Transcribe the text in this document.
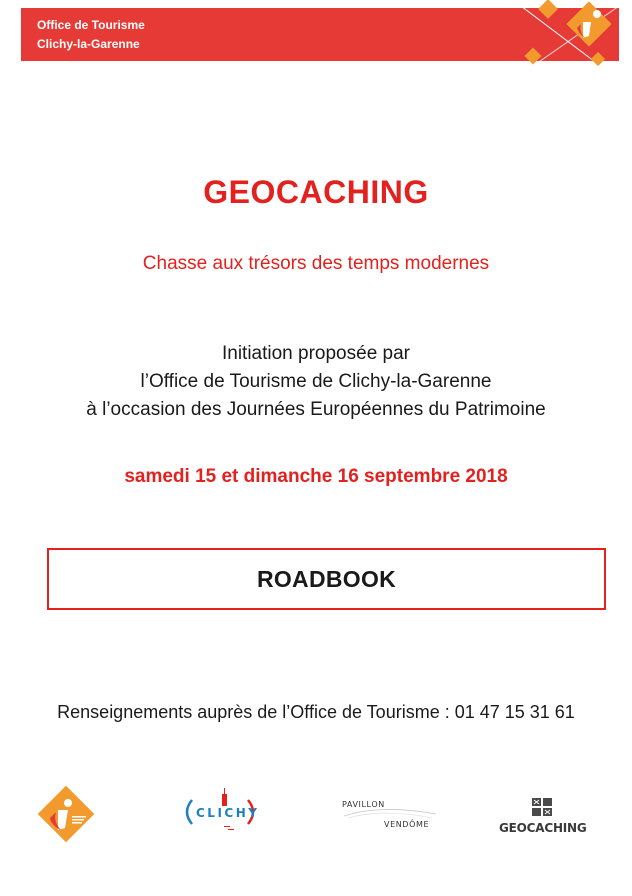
Office de Tourisme
Clichy-la-Garenne
GEOCACHING
Chasse aux trésors des temps modernes
Initiation proposée par
l’Office de Tourisme de Clichy-la-Garenne
à l’occasion des Journées Européennes du Patrimoine
samedi 15 et dimanche 16 septembre 2018
ROADBOOK
Renseignements auprès de l’Office de Tourisme : 01 47 15 31 61
CLICHY
PAVILLON
VENDÔME	GEOCACHING
